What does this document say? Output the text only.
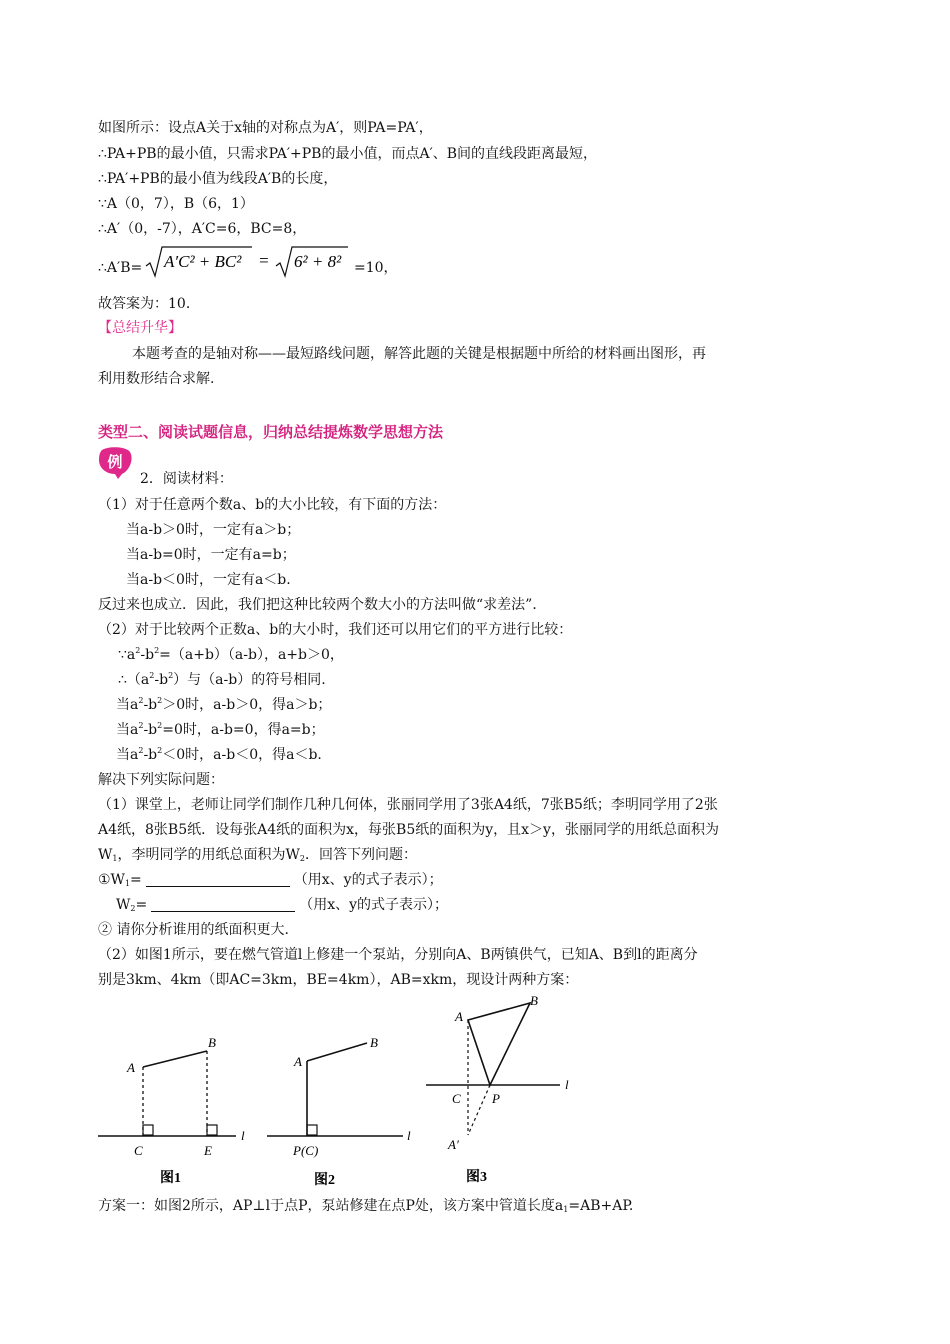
如图所示：设点A关于x轴的对称点为A′，则PA=PA′，
∴PA+PB的最小值，只需求PA′+PB的最小值，而点A′、B间的直线段距离最短，
∴PA′+PB的最小值为线段A′B的长度，
∵A（0，7），B（6，1）
∴A′（0，-7），A′C=6，BC=8，
∴A′B= A′C² + BC² = 6² + 8² =10，
故答案为：10．
【总结升华】
本题考查的是轴对称——最短路线问题，解答此题的关键是根据题中所给的材料画出图形，再
利用数形结合求解.
类型二、阅读试题信息，归纳总结提炼数学思想方法
例
2．阅读材料：
（1）对于任意两个数a、b的大小比较，有下面的方法：
当a-b＞0时，一定有a＞b；
当a-b=0时，一定有a=b；
当a-b＜0时，一定有a＜b.
反过来也成立．因此，我们把这种比较两个数大小的方法叫做“求差法”．
（2）对于比较两个正数a、b的大小时，我们还可以用它们的平方进行比较：
$\because a^2-b^2=(a+b)(a-b)$，a+b＞0，
$\therefore(a^2-b^2)$与（a-b）的符号相同.
当$a^2-b^2>0$时，a-b＞0，得a＞b；
当$a^2-b^2=0$时，a-b=0，得a=b；
当$a^2-b^2<0$时，a-b＜0，得a＜b.
解决下列实际问题：
（1）课堂上，老师让同学们制作几种几何体，张丽同学用了3张A4纸，7张B5纸；李明同学用了2张
A4纸，8张B5纸．设每张A4纸的面积为x，每张B5纸的面积为y，且x＞y，张丽同学的用纸总面积为
$W_1$，李明同学的用纸总面积为$W_2$．回答下列问题：
$①W_1=$	（用x、y的式子表示）；
$W_2=$	（用x、y的式子表示）；
② 请你分析谁用的纸面积更大.
（2）如图1所示，要在燃气管道l上修建一个泵站，分别向A、B两镇供气，已知A、B到l的距离分
别是3km、4km（即AC=3km，BE=4km），AB=xkm，现设计两种方案：
A
B
C	E
l
图1
A
B
P(C)
l
图2
A
B
C P
A′
l
图3
方案一：如图2所示，AP⊥l于点P，泵站修建在点P处，该方案中管道长度$a_1=AB+AP$.
